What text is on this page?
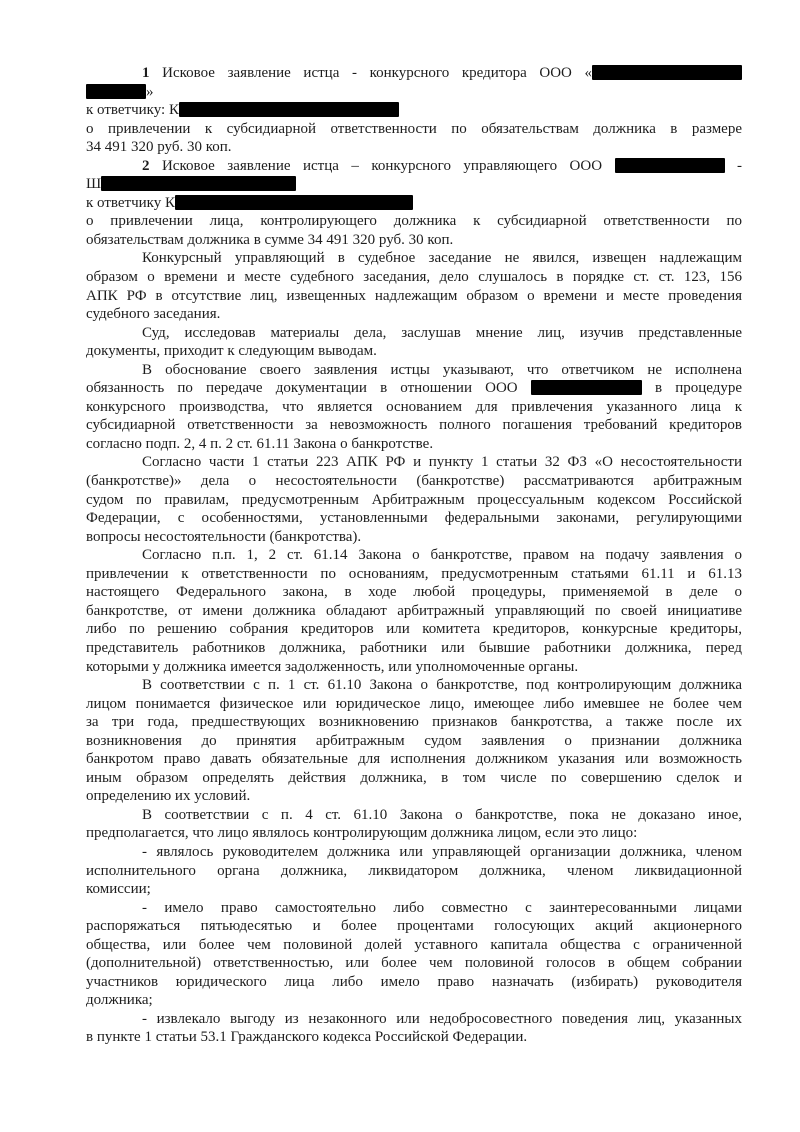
1 Исковое заявление истца - конкурсного кредитора ООО «
»
к ответчику: К
о привлечении к субсидиарной ответственности по обязательствам должника в размере
34 491 320 руб. 30 коп.
2 Исковое заявление истца – конкурсного управляющего ООО	-
Ш
к ответчику К
о привлечении лица, контролирующего должника к субсидиарной ответственности по
обязательствам должника в сумме 34 491 320 руб. 30 коп.
Конкурсный управляющий в судебное заседание не явился, извещен надлежащим
образом о времени и месте судебного заседания, дело слушалось в порядке ст. ст. 123, 156
АПК РФ в отсутствие лиц, извещенных надлежащим образом о времени и месте проведения
судебного заседания.
Суд, исследовав материалы дела, заслушав мнение лиц, изучив представленные
документы, приходит к следующим выводам.
В обоснование своего заявления истцы указывают, что ответчиком не исполнена
обязанность по передаче документации в отношении ООО	в процедуре
конкурсного производства, что является основанием для привлечения указанного лица к
субсидиарной ответственности за невозможность полного погашения требований кредиторов
согласно подп. 2, 4 п. 2 ст. 61.11 Закона о банкротстве.
Согласно части 1 статьи 223 АПК РФ и пункту 1 статьи 32 ФЗ «О несостоятельности
(банкротстве)» дела о несостоятельности (банкротстве) рассматриваются арбитражным
судом по правилам, предусмотренным Арбитражным процессуальным кодексом Российской
Федерации, с особенностями, установленными федеральными законами, регулирующими
вопросы несостоятельности (банкротства).
Согласно п.п. 1, 2 ст. 61.14 Закона о банкротстве, правом на подачу заявления о
привлечении к ответственности по основаниям, предусмотренным статьями 61.11 и 61.13
настоящего Федерального закона, в ходе любой процедуры, применяемой в деле о
банкротстве, от имени должника обладают арбитражный управляющий по своей инициативе
либо по решению собрания кредиторов или комитета кредиторов, конкурсные кредиторы,
представитель работников должника, работники или бывшие работники должника, перед
которыми у должника имеется задолженность, или уполномоченные органы.
В соответствии с п. 1 ст. 61.10 Закона о банкротстве, под контролирующим должника
лицом понимается физическое или юридическое лицо, имеющее либо имевшее не более чем
за три года, предшествующих возникновению признаков банкротства, а также после их
возникновения до принятия арбитражным судом заявления о признании должника
банкротом право давать обязательные для исполнения должником указания или возможность
иным образом определять действия должника, в том числе по совершению сделок и
определению их условий.
В соответствии с п. 4 ст. 61.10 Закона о банкротстве, пока не доказано иное,
предполагается, что лицо являлось контролирующим должника лицом, если это лицо:
- являлось руководителем должника или управляющей организации должника, членом
исполнительного органа должника, ликвидатором должника, членом ликвидационной
комиссии;
- имело право самостоятельно либо совместно с заинтересованными лицами
распоряжаться пятьюдесятью и более процентами голосующих акций акционерного
общества, или более чем половиной долей уставного капитала общества с ограниченной
(дополнительной) ответственностью, или более чем половиной голосов в общем собрании
участников юридического лица либо имело право назначать (избирать) руководителя
должника;
- извлекало выгоду из незаконного или недобросовестного поведения лиц, указанных
в пункте 1 статьи 53.1 Гражданского кодекса Российской Федерации.
